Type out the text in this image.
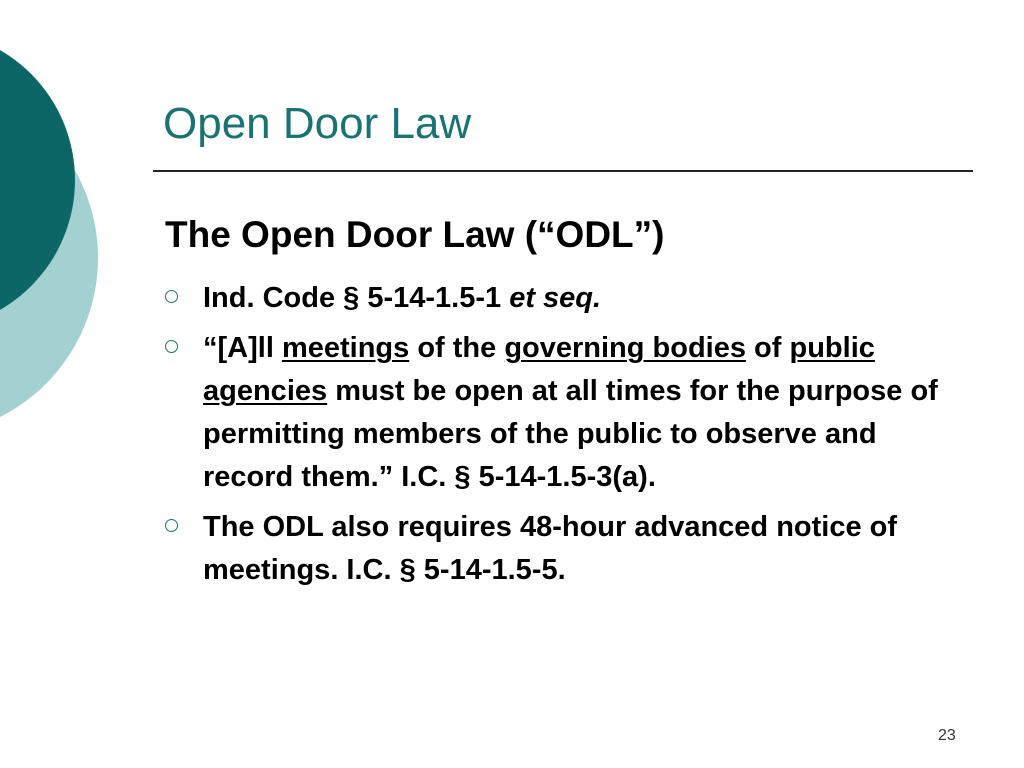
Open Door Law
The Open Door Law (“ODL”)
Ind. Code § 5-14-1.5-1 et seq.
“[A]ll meetings of the governing bodies of public agencies must be open at all times for the purpose of permitting members of the public to observe and record them.” I.C. § 5-14-1.5-3(a).
The ODL also requires 48-hour advanced notice of meetings. I.C. § 5-14-1.5-5.
23
